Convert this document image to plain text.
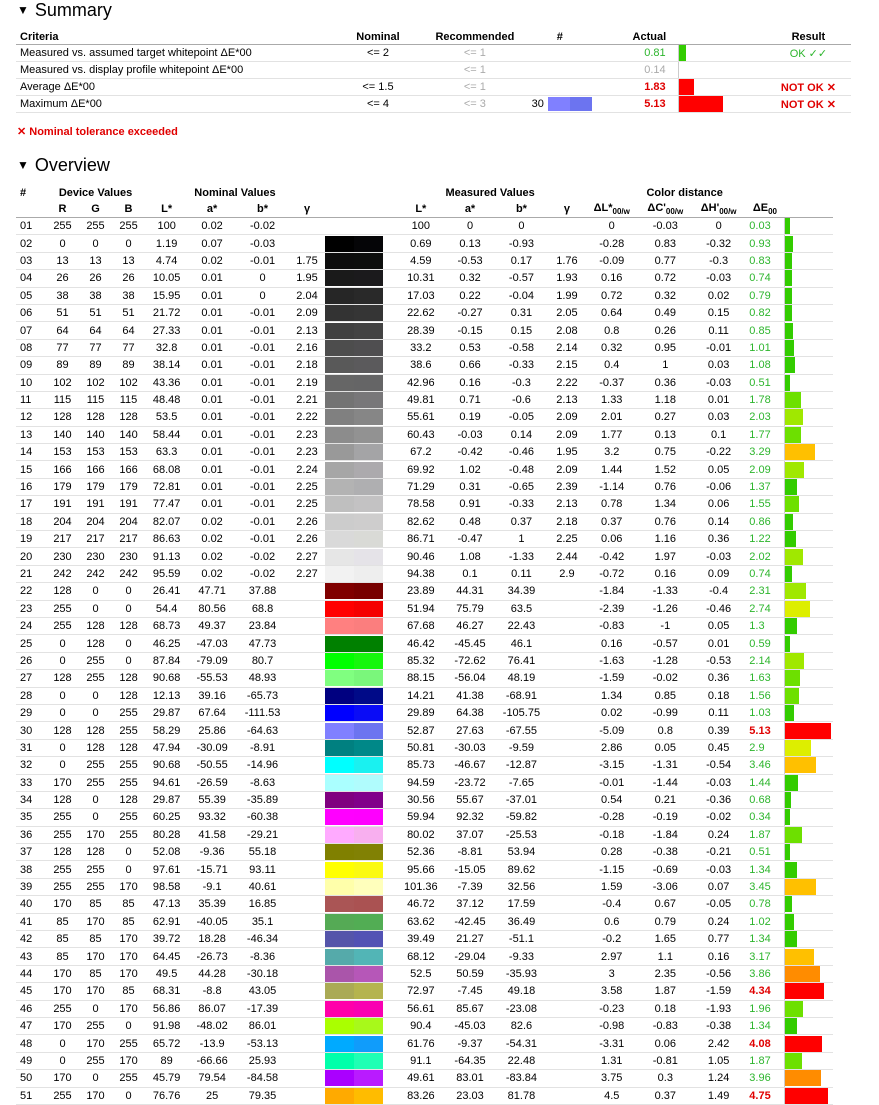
▼ Summary
Criteria	Nominal	Recommended	#	Actual		Result
Measured vs. assumed target whitepoint ΔE*00	<= 2	<= 1		0.81		OK ✓✓
Measured vs. display profile whitepoint ΔE*00		<= 1		0.14		
Average ΔE*00	<= 1.5	<= 1		1.83		NOT OK ✕
Maximum ΔE*00	<= 4	<= 3	30	5.13		NOT OK ✕
✕ Nominal tolerance exceeded
▼ Overview
#	Device Values			Nominal Values					Measured Values				Color distance				
	R	G	B	L*	a*	b*	γ		L*	a*	b*	γ	$\Delta L*_{00/w}$	$\Delta C'_{00/w}$	$\Delta H'_{00/w}$	$\Delta E_{00}$	
01	255	255	255	100	0.02	-0.02			100	0	0		0	-0.03	0	0.03	
02	0	0	0	1.19	0.07	-0.03			0.69	0.13	-0.93		-0.28	0.83	-0.32	0.93	
03	13	13	13	4.74	0.02	-0.01	1.75		4.59	-0.53	0.17	1.76	-0.09	0.77	-0.3	0.83	
04	26	26	26	10.05	0.01	0	1.95		10.31	0.32	-0.57	1.93	0.16	0.72	-0.03	0.74	
05	38	38	38	15.95	0.01	0	2.04		17.03	0.22	-0.04	1.99	0.72	0.32	0.02	0.79	
06	51	51	51	21.72	0.01	-0.01	2.09		22.62	-0.27	0.31	2.05	0.64	0.49	0.15	0.82	
07	64	64	64	27.33	0.01	-0.01	2.13		28.39	-0.15	0.15	2.08	0.8	0.26	0.11	0.85	
08	77	77	77	32.8	0.01	-0.01	2.16		33.2	0.53	-0.58	2.14	0.32	0.95	-0.01	1.01	
09	89	89	89	38.14	0.01	-0.01	2.18		38.6	0.66	-0.33	2.15	0.4	1	0.03	1.08	
10	102	102	102	43.36	0.01	-0.01	2.19		42.96	0.16	-0.3	2.22	-0.37	0.36	-0.03	0.51	
11	115	115	115	48.48	0.01	-0.01	2.21		49.81	0.71	-0.6	2.13	1.33	1.18	0.01	1.78	
12	128	128	128	53.5	0.01	-0.01	2.22		55.61	0.19	-0.05	2.09	2.01	0.27	0.03	2.03	
13	140	140	140	58.44	0.01	-0.01	2.23		60.43	-0.03	0.14	2.09	1.77	0.13	0.1	1.77	
14	153	153	153	63.3	0.01	-0.01	2.23		67.2	-0.42	-0.46	1.95	3.2	0.75	-0.22	3.29	
15	166	166	166	68.08	0.01	-0.01	2.24		69.92	1.02	-0.48	2.09	1.44	1.52	0.05	2.09	
16	179	179	179	72.81	0.01	-0.01	2.25		71.29	0.31	-0.65	2.39	-1.14	0.76	-0.06	1.37	
17	191	191	191	77.47	0.01	-0.01	2.25		78.58	0.91	-0.33	2.13	0.78	1.34	0.06	1.55	
18	204	204	204	82.07	0.02	-0.01	2.26		82.62	0.48	0.37	2.18	0.37	0.76	0.14	0.86	
19	217	217	217	86.63	0.02	-0.01	2.26		86.71	-0.47	1	2.25	0.06	1.16	0.36	1.22	
20	230	230	230	91.13	0.02	-0.02	2.27		90.46	1.08	-1.33	2.44	-0.42	1.97	-0.03	2.02	
21	242	242	242	95.59	0.02	-0.02	2.27		94.38	0.1	0.11	2.9	-0.72	0.16	0.09	0.74	
22	128	0	0	26.41	47.71	37.88			23.89	44.31	34.39		-1.84	-1.33	-0.4	2.31	
23	255	0	0	54.4	80.56	68.8			51.94	75.79	63.5		-2.39	-1.26	-0.46	2.74	
24	255	128	128	68.73	49.37	23.84			67.68	46.27	22.43		-0.83	-1	0.05	1.3	
25	0	128	0	46.25	-47.03	47.73			46.42	-45.45	46.1		0.16	-0.57	0.01	0.59	
26	0	255	0	87.84	-79.09	80.7			85.32	-72.62	76.41		-1.63	-1.28	-0.53	2.14	
27	128	255	128	90.68	-55.53	48.93			88.15	-56.04	48.19		-1.59	-0.02	0.36	1.63	
28	0	0	128	12.13	39.16	-65.73			14.21	41.38	-68.91		1.34	0.85	0.18	1.56	
29	0	0	255	29.87	67.64	-111.53			29.89	64.38	-105.75		0.02	-0.99	0.11	1.03	
30	128	128	255	58.29	25.86	-64.63			52.87	27.63	-67.55		-5.09	0.8	0.39	5.13	
31	0	128	128	47.94	-30.09	-8.91			50.81	-30.03	-9.59		2.86	0.05	0.45	2.9	
32	0	255	255	90.68	-50.55	-14.96			85.73	-46.67	-12.87		-3.15	-1.31	-0.54	3.46	
33	170	255	255	94.61	-26.59	-8.63			94.59	-23.72	-7.65		-0.01	-1.44	-0.03	1.44	
34	128	0	128	29.87	55.39	-35.89			30.56	55.67	-37.01		0.54	0.21	-0.36	0.68	
35	255	0	255	60.25	93.32	-60.38			59.94	92.32	-59.82		-0.28	-0.19	-0.02	0.34	
36	255	170	255	80.28	41.58	-29.21			80.02	37.07	-25.53		-0.18	-1.84	0.24	1.87	
37	128	128	0	52.08	-9.36	55.18			52.36	-8.81	53.94		0.28	-0.38	-0.21	0.51	
38	255	255	0	97.61	-15.71	93.11			95.66	-15.05	89.62		-1.15	-0.69	-0.03	1.34	
39	255	255	170	98.58	-9.1	40.61			101.36	-7.39	32.56		1.59	-3.06	0.07	3.45	
40	170	85	85	47.13	35.39	16.85			46.72	37.12	17.59		-0.4	0.67	-0.05	0.78	
41	85	170	85	62.91	-40.05	35.1			63.62	-42.45	36.49		0.6	0.79	0.24	1.02	
42	85	85	170	39.72	18.28	-46.34			39.49	21.27	-51.1		-0.2	1.65	0.77	1.34	
43	85	170	170	64.45	-26.73	-8.36			68.12	-29.04	-9.33		2.97	1.1	0.16	3.17	
44	170	85	170	49.5	44.28	-30.18			52.5	50.59	-35.93		3	2.35	-0.56	3.86	
45	170	170	85	68.31	-8.8	43.05			72.97	-7.45	49.18		3.58	1.87	-1.59	4.34	
46	255	0	170	56.86	86.07	-17.39			56.61	85.67	-23.08		-0.23	0.18	-1.93	1.96	
47	170	255	0	91.98	-48.02	86.01			90.4	-45.03	82.6		-0.98	-0.83	-0.38	1.34	
48	0	170	255	65.72	-13.9	-53.13			61.76	-9.37	-54.31		-3.31	0.06	2.42	4.08	
49	0	255	170	89	-66.66	25.93			91.1	-64.35	22.48		1.31	-0.81	1.05	1.87	
50	170	0	255	45.79	79.54	-84.58			49.61	83.01	-83.84		3.75	0.3	1.24	3.96	
51	255	170	0	76.76	25	79.35			83.26	23.03	81.78		4.5	0.37	1.49	4.75	
